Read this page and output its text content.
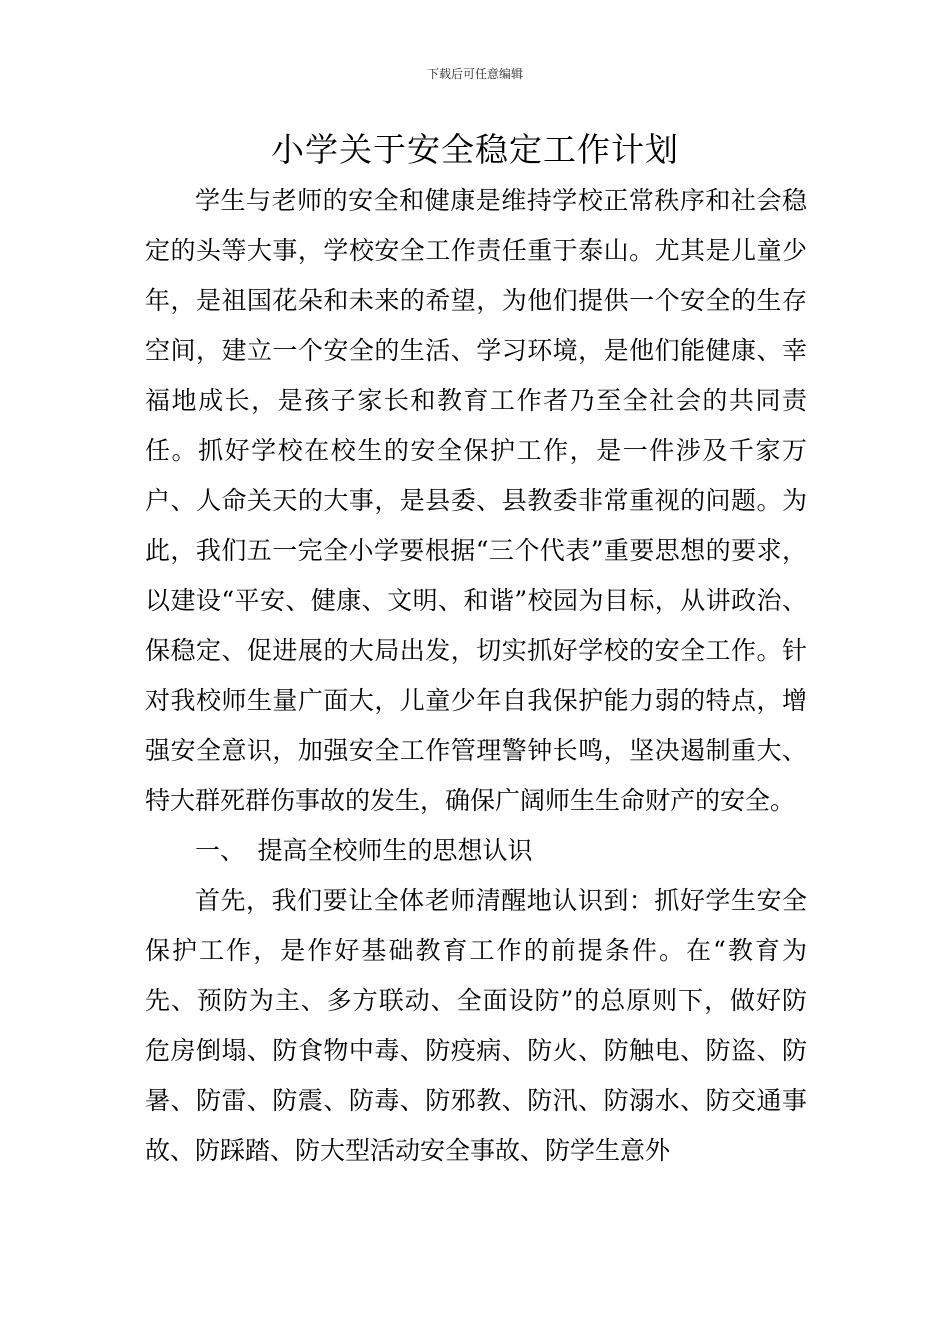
下载后可任意编辑
小学关于安全稳定工作计划

学生与老师的安全和健康是维持学校正常秩序和社会稳定的头等大事，学校安全工作责任重于泰山。尤其是儿童少年，是祖国花朵和未来的希望，为他们提供一个安全的生存空间，建立一个安全的生活、学习环境，是他们能健康、幸福地成长，是孩子家长和教育工作者乃至全社会的共同责任。抓好学校在校生的安全保护工作，是一件涉及千家万户、人命关天的大事，是县委、县教委非常重视的问题。为此，我们五一完全小学要根据“三个代表”重要思想的要求，以建设“平安、健康、文明、和谐”校园为目标，从讲政治、保稳定、促进展的大局出发，切实抓好学校的安全工作。针对我校师生量广面大，儿童少年自我保护能力弱的特点，增强安全意识，加强安全工作管理警钟长鸣，坚决遏制重大、特大群死群伤事故的发生，确保广阔师生生命财产的安全。

一、　提高全校师生的思想认识

首先，我们要让全体老师清醒地认识到：抓好学生安全保护工作，是作好基础教育工作的前提条件。在“教育为先、预防为主、多方联动、全面设防”的总原则下，做好防危房倒塌、防食物中毒、防疫病、防火、防触电、防盗、防暑、防雷、防震、防毒、防邪教、防汛、防溺水、防交通事故、防踩踏、防大型活动安全事故、防学生意外
